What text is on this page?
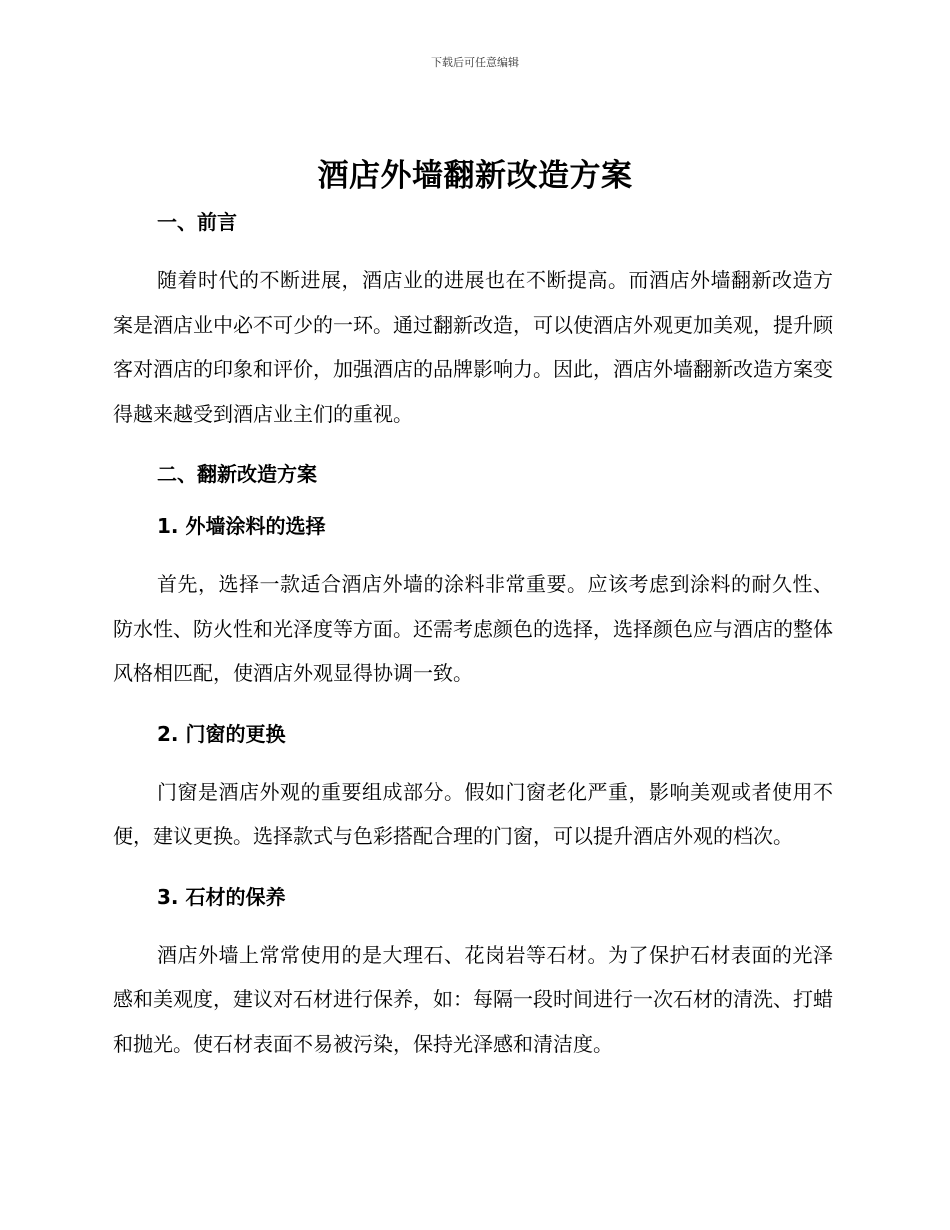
下载后可任意编辑
酒店外墙翻新改造方案
一、前言

随着时代的不断进展，酒店业的进展也在不断提高。而酒店外墙翻新改造方案是酒店业中必不可少的一环。通过翻新改造，可以使酒店外观更加美观，提升顾客对酒店的印象和评价，加强酒店的品牌影响力。因此，酒店外墙翻新改造方案变得越来越受到酒店业主们的重视。

二、翻新改造方案
1. 外墙涂料的选择

首先，选择一款适合酒店外墙的涂料非常重要。应该考虑到涂料的耐久性、防水性、防火性和光泽度等方面。还需考虑颜色的选择，选择颜色应与酒店的整体风格相匹配，使酒店外观显得协调一致。

2. 门窗的更换

门窗是酒店外观的重要组成部分。假如门窗老化严重，影响美观或者使用不便，建议更换。选择款式与色彩搭配合理的门窗，可以提升酒店外观的档次。

3. 石材的保养

酒店外墙上常常使用的是大理石、花岗岩等石材。为了保护石材表面的光泽感和美观度，建议对石材进行保养，如：每隔一段时间进行一次石材的清洗、打蜡和抛光。使石材表面不易被污染，保持光泽感和清洁度。
